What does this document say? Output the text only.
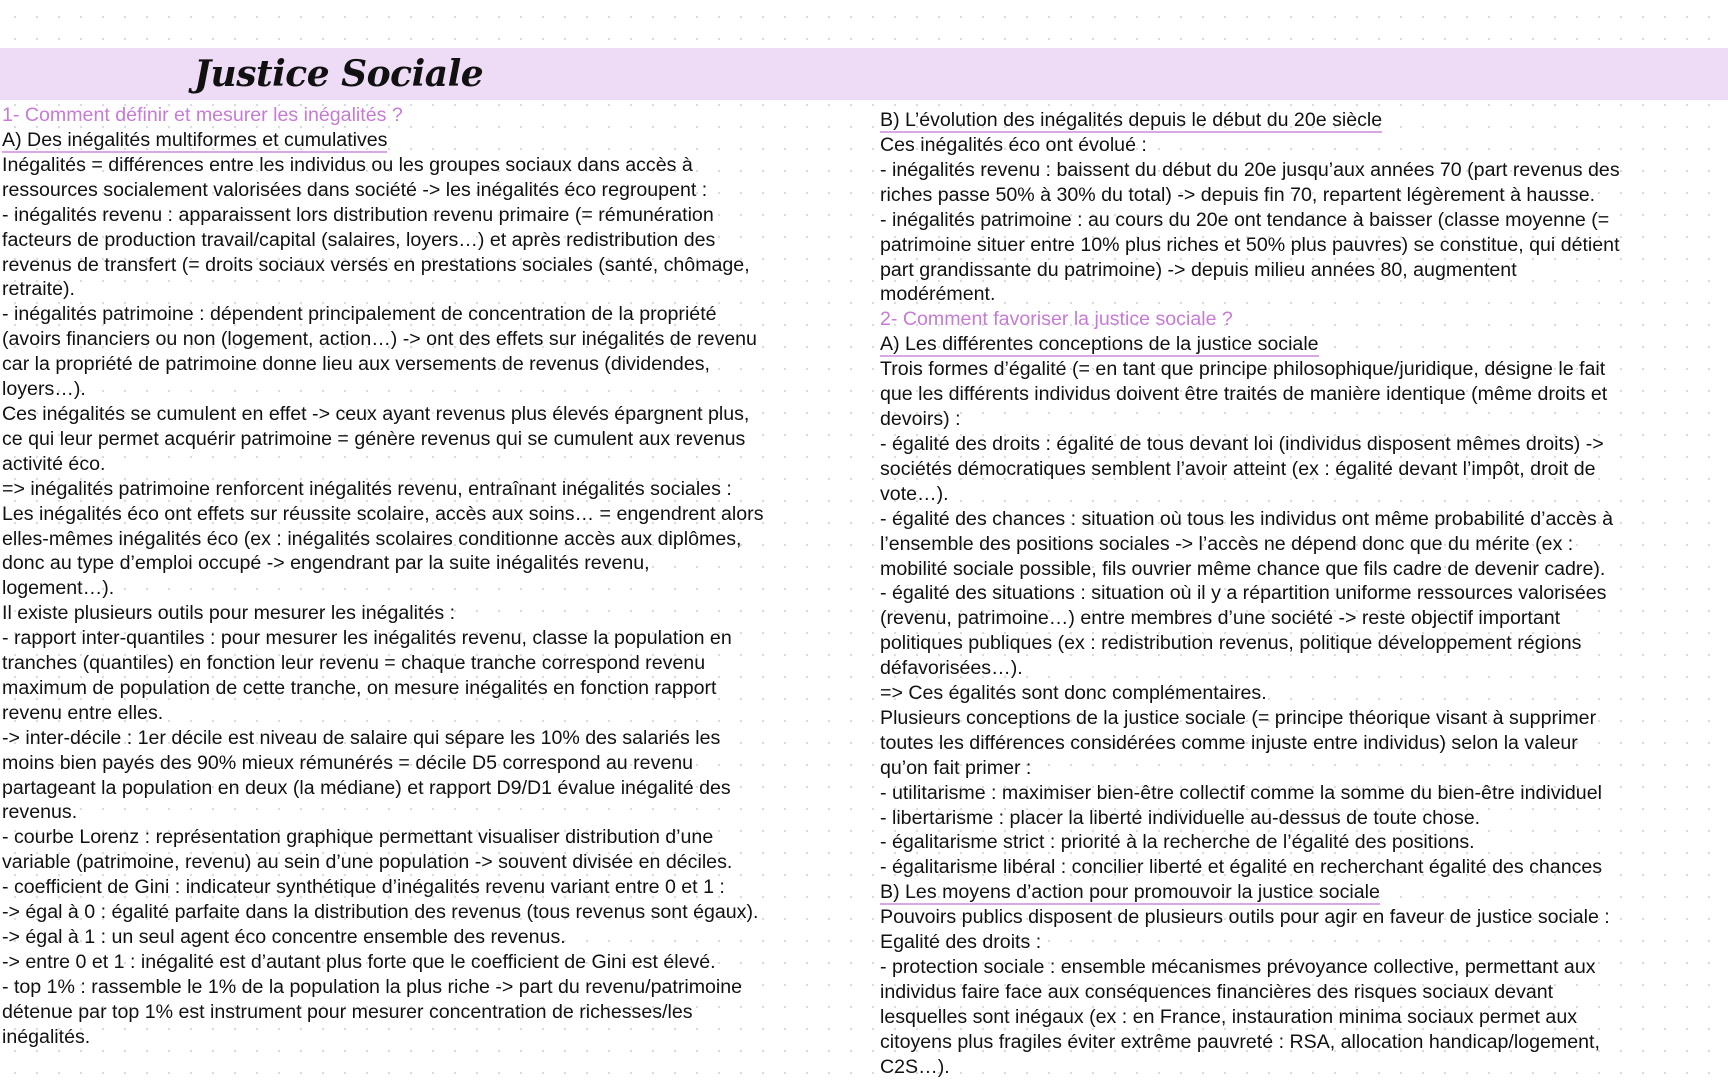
Justice Sociale
1- Comment définir et mesurer les inégalités ?
A) Des inégalités multiformes et cumulatives
Inégalités = différences entre les individus ou les groupes sociaux dans accès à
ressources socialement valorisées dans société -> les inégalités éco regroupent :
- inégalités revenu : apparaissent lors distribution revenu primaire (= rémunération
facteurs de production travail/capital (salaires, loyers…) et après redistribution des
revenus de transfert (= droits sociaux versés en prestations sociales (santé, chômage,
retraite).
- inégalités patrimoine : dépendent principalement de concentration de la propriété
(avoirs financiers ou non (logement, action…) -> ont des effets sur inégalités de revenu
car la propriété de patrimoine donne lieu aux versements de revenus (dividendes,
loyers…).
Ces inégalités se cumulent en effet -> ceux ayant revenus plus élevés épargnent plus,
ce qui leur permet acquérir patrimoine = génère revenus qui se cumulent aux revenus
activité éco.
=> inégalités patrimoine renforcent inégalités revenu, entraînant inégalités sociales :
Les inégalités éco ont effets sur réussite scolaire, accès aux soins… = engendrent alors
elles-mêmes inégalités éco (ex : inégalités scolaires conditionne accès aux diplômes,
donc au type d’emploi occupé -> engendrant par la suite inégalités revenu,
logement…).
Il existe plusieurs outils pour mesurer les inégalités :
- rapport inter-quantiles : pour mesurer les inégalités revenu, classe la population en
tranches (quantiles) en fonction leur revenu = chaque tranche correspond revenu
maximum de population de cette tranche, on mesure inégalités en fonction rapport
revenu entre elles.
-> inter-décile : 1er décile est niveau de salaire qui sépare les 10% des salariés les
moins bien payés des 90% mieux rémunérés = décile D5 correspond au revenu
partageant la population en deux (la médiane) et rapport D9/D1 évalue inégalité des
revenus.
- courbe Lorenz : représentation graphique permettant visualiser distribution d’une
variable (patrimoine, revenu) au sein d’une population -> souvent divisée en déciles.
- coefficient de Gini : indicateur synthétique d’inégalités revenu variant entre 0 et 1 :
-> égal à 0 : égalité parfaite dans la distribution des revenus (tous revenus sont égaux).
-> égal à 1 : un seul agent éco concentre ensemble des revenus.
-> entre 0 et 1 : inégalité est d’autant plus forte que le coefficient de Gini est élevé.
- top 1% : rassemble le 1% de la population la plus riche -> part du revenu/patrimoine
détenue par top 1% est instrument pour mesurer concentration de richesses/les
inégalités.
B) L’évolution des inégalités depuis le début du 20e siècle
Ces inégalités éco ont évolué :
- inégalités revenu : baissent du début du 20e jusqu’aux années 70 (part revenus des
riches passe 50% à 30% du total) -> depuis fin 70, repartent légèrement à hausse.
- inégalités patrimoine : au cours du 20e ont tendance à baisser (classe moyenne (=
patrimoine situer entre 10% plus riches et 50% plus pauvres) se constitue, qui détient
part grandissante du patrimoine) -> depuis milieu années 80, augmentent
modérément.
2- Comment favoriser la justice sociale ?
A) Les différentes conceptions de la justice sociale
Trois formes d’égalité (= en tant que principe philosophique/juridique, désigne le fait
que les différents individus doivent être traités de manière identique (même droits et
devoirs) :
- égalité des droits : égalité de tous devant loi (individus disposent mêmes droits) ->
sociétés démocratiques semblent l’avoir atteint (ex : égalité devant l’impôt, droit de
vote…).
- égalité des chances : situation où tous les individus ont même probabilité d’accès à
l’ensemble des positions sociales -> l’accès ne dépend donc que du mérite (ex :
mobilité sociale possible, fils ouvrier même chance que fils cadre de devenir cadre).
- égalité des situations : situation où il y a répartition uniforme ressources valorisées
(revenu, patrimoine…) entre membres d’une société -> reste objectif important
politiques publiques (ex : redistribution revenus, politique développement régions
défavorisées…).
=> Ces égalités sont donc complémentaires.
Plusieurs conceptions de la justice sociale (= principe théorique visant à supprimer
toutes les différences considérées comme injuste entre individus) selon la valeur
qu’on fait primer :
- utilitarisme : maximiser bien-être collectif comme la somme du bien-être individuel
- libertarisme : placer la liberté individuelle au-dessus de toute chose.
- égalitarisme strict : priorité à la recherche de l’égalité des positions.
- égalitarisme libéral : concilier liberté et égalité en recherchant égalité des chances
B) Les moyens d’action pour promouvoir la justice sociale
Pouvoirs publics disposent de plusieurs outils pour agir en faveur de justice sociale :
Egalité des droits :
- protection sociale : ensemble mécanismes prévoyance collective, permettant aux
individus faire face aux conséquences financières des risques sociaux devant
lesquelles sont inégaux (ex : en France, instauration minima sociaux permet aux
citoyens plus fragiles éviter extrême pauvreté : RSA, allocation handicap/logement,
C2S…).
